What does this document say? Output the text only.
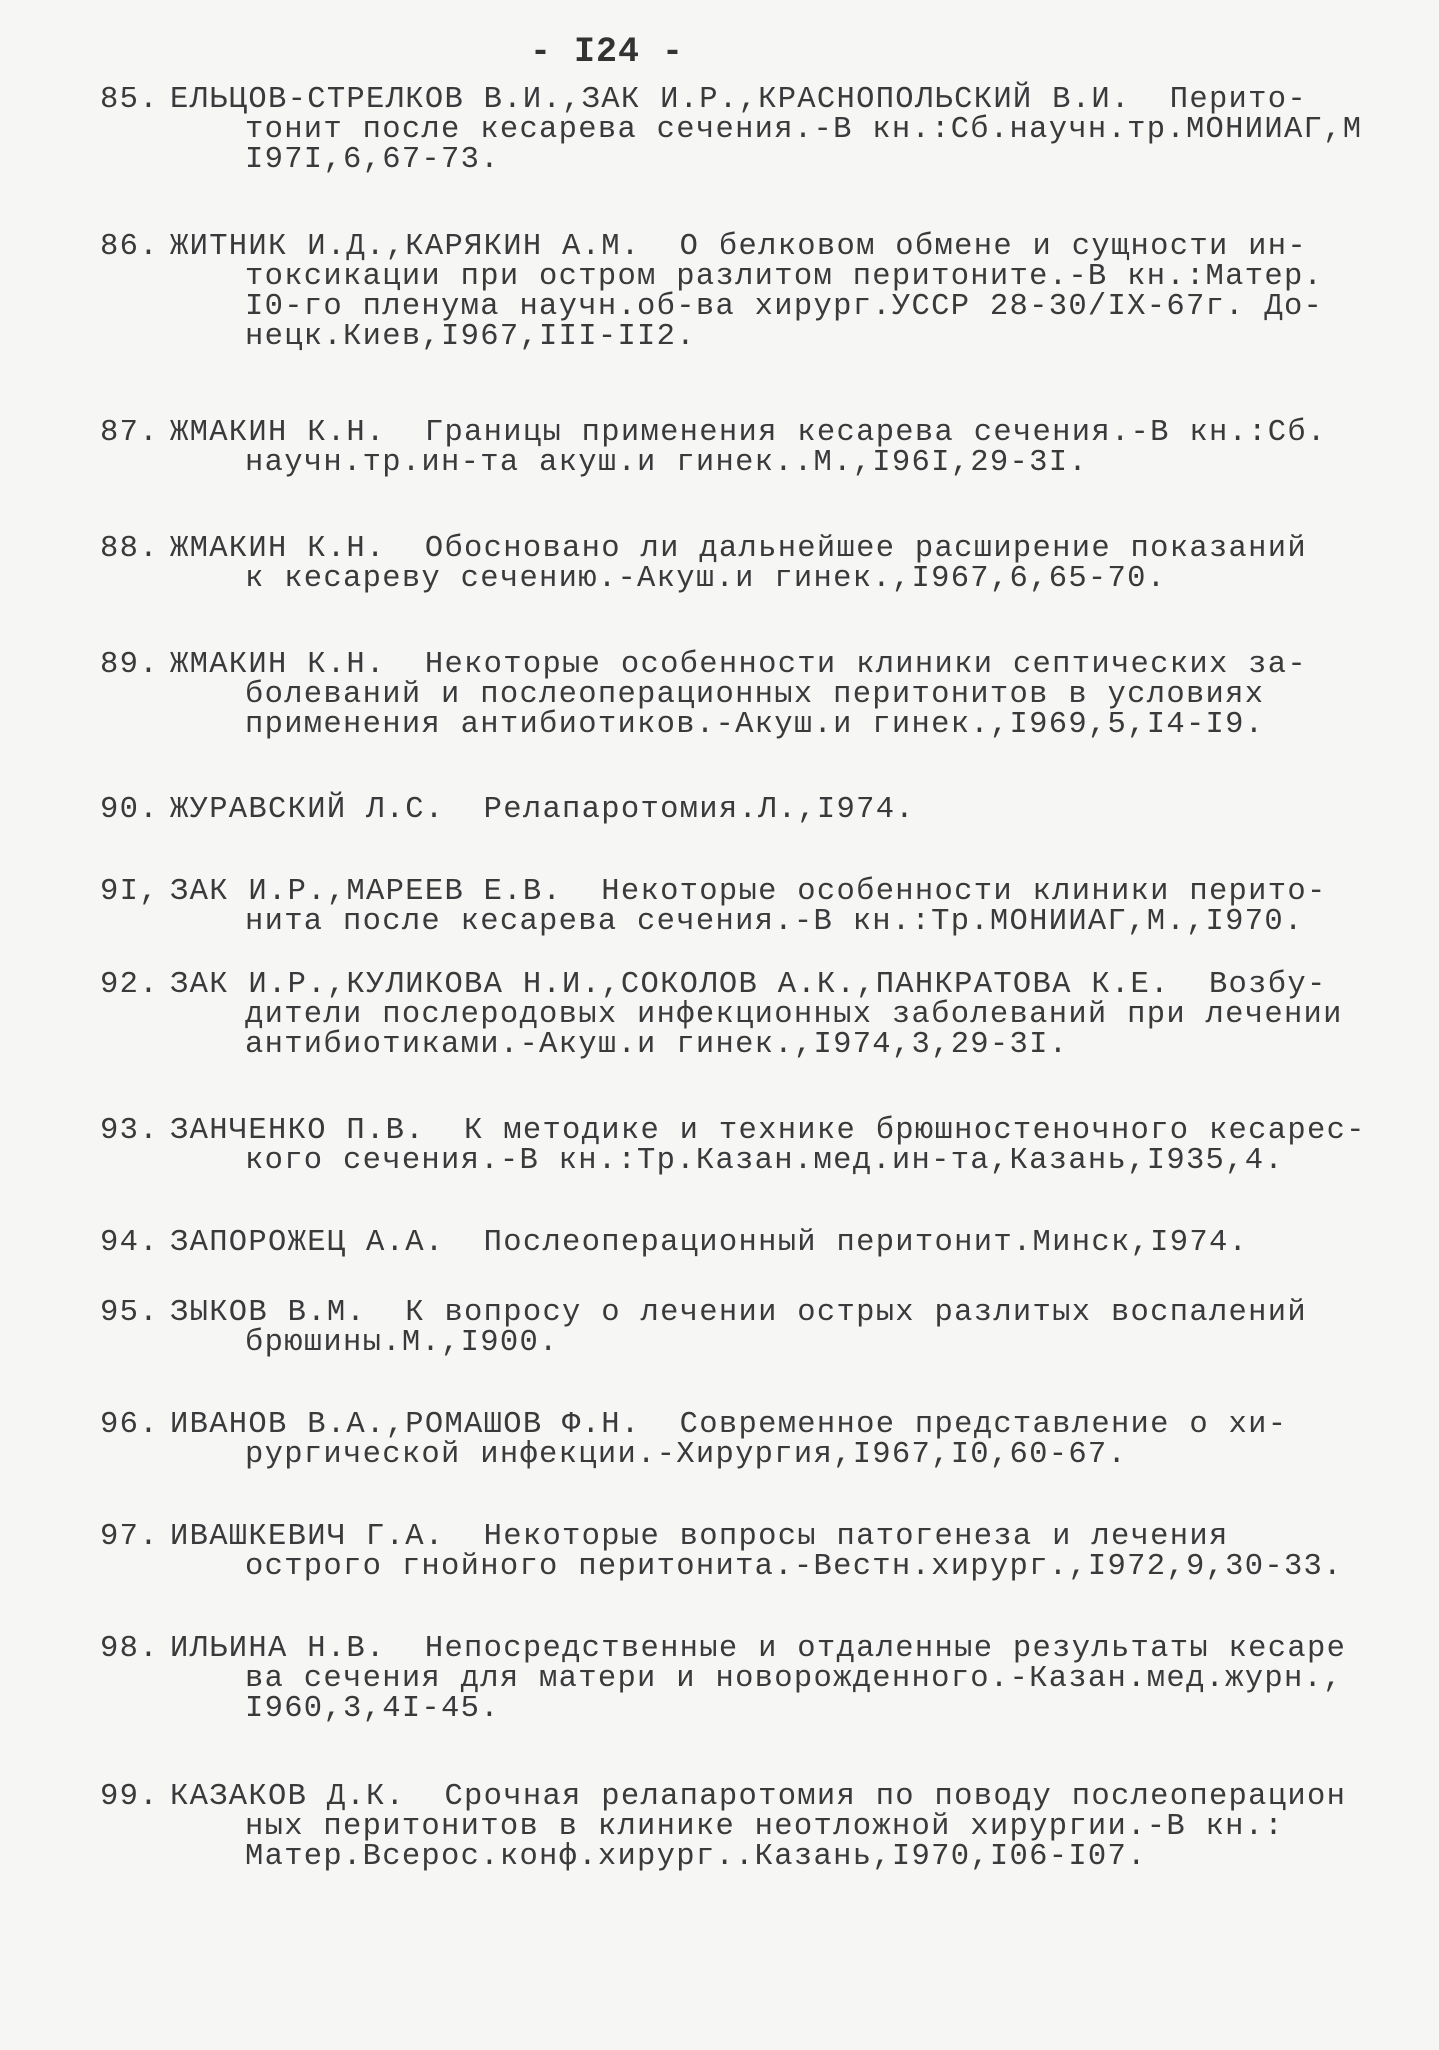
- I24 -
85. ЕЛЬЦОВ-СТРЕЛКОВ В.И.,ЗАК И.Р.,КРАСНОПОЛЬСКИЙ В.И.  Перито-
тонит после кесарева сечения.-В кн.:Сб.научн.тр.МОНИИАГ,М
I97I,6,67-73.
86. ЖИТНИК И.Д.,КАРЯКИН А.М.  О белковом обмене и сущности ин-
токсикации при остром разлитом перитоните.-В кн.:Матер.
I0-го пленума научн.об-ва хирург.УССР 28-30/IX-67г. До-
нецк.Киев,I967,III-II2.
87. ЖМАКИН К.Н.  Границы применения кесарева сечения.-В кн.:Сб.
научн.тр.ин-та акуш.и гинек..М.,I96I,29-3I.
88. ЖМАКИН К.Н.  Обосновано ли дальнейшее расширение показаний
к кесареву сечению.-Акуш.и гинек.,I967,6,65-70.
89. ЖМАКИН К.Н.  Некоторые особенности клиники септических за-
болеваний и послеоперационных перитонитов в условиях
применения антибиотиков.-Акуш.и гинек.,I969,5,I4-I9.
90. ЖУРАВСКИЙ Л.С.  Релапаротомия.Л.,I974.
9I, ЗАК И.Р.,МАРЕЕВ Е.В.  Некоторые особенности клиники перито-
нита после кесарева сечения.-В кн.:Тр.МОНИИАГ,М.,I970.
92. ЗАК И.Р.,КУЛИКОВА Н.И.,СОКОЛОВ А.К.,ПАНКРАТОВА К.Е.  Возбу-
дители послеродовых инфекционных заболеваний при лечении
антибиотиками.-Акуш.и гинек.,I974,3,29-3I.
93. ЗАНЧЕНКО П.В.  К методике и технике брюшностеночного кесарес-
кого сечения.-В кн.:Тр.Казан.мед.ин-та,Казань,I935,4.
94. ЗАПОРОЖЕЦ А.А.  Послеоперационный перитонит.Минск,I974.
95. ЗЫКОВ В.М.  К вопросу о лечении острых разлитых воспалений
брюшины.М.,I900.
96. ИВАНОВ В.А.,РОМАШОВ Ф.Н.  Современное представление о хи-
рургической инфекции.-Хирургия,I967,I0,60-67.
97. ИВАШКЕВИЧ Г.А.  Некоторые вопросы патогенеза и лечения
острого гнойного перитонита.-Вестн.хирург.,I972,9,30-33.
98. ИЛЬИНА Н.В.  Непосредственные и отдаленные результаты кесаре
ва сечения для матери и новорожденного.-Казан.мед.журн.,
I960,3,4I-45.
99. КАЗАКОВ Д.К.  Срочная релапаротомия по поводу послеоперацион
ных перитонитов в клинике неотложной хирургии.-В кн.:
Матер.Всерос.конф.хирург..Казань,I970,I06-I07.
